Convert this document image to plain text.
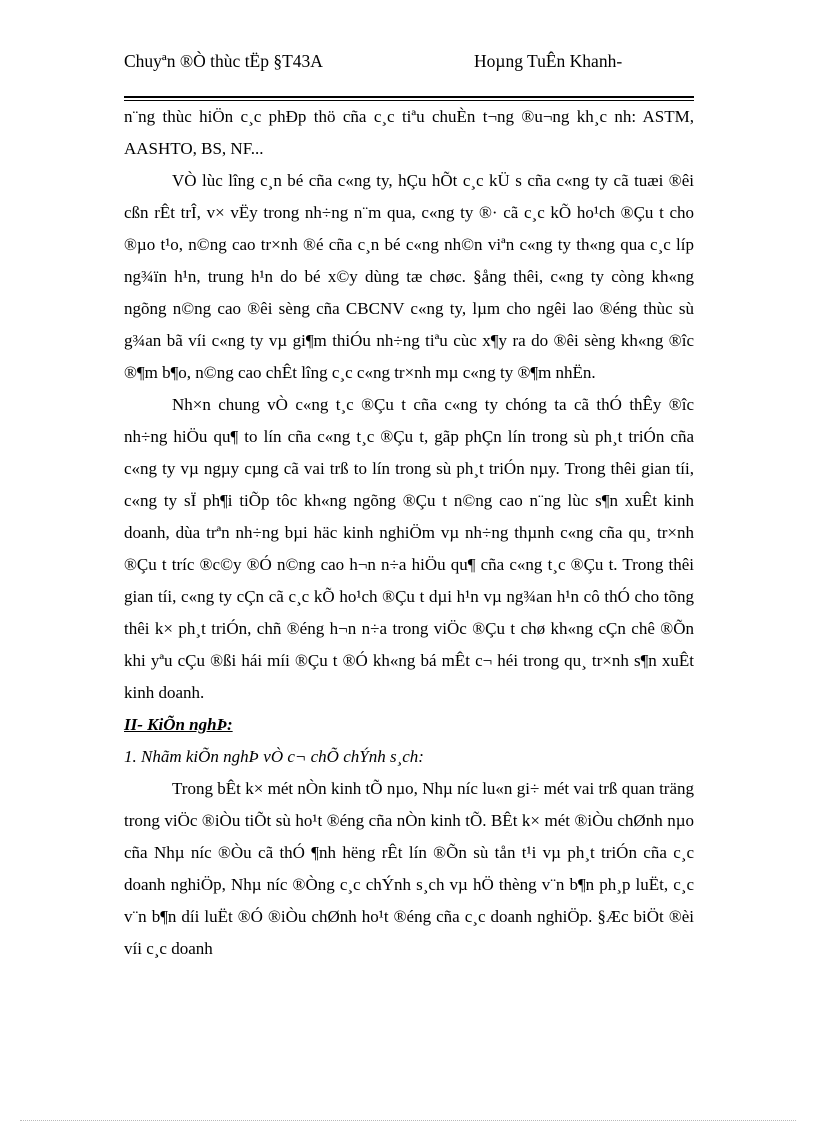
Chuyªn ®Ò thùc tËp §T43A	Hoµng TuÊn Khanh-

n¨ng thùc hiÖn c¸c phÐp thö cña c¸c tiªu chuÈn t¬ng ®u¬ng kh¸c nh: ASTM, AASHTO, BS, NF...

VÒ lùc lîng c¸n bé cña c«ng ty, hÇu hÕt c¸c kÜ s cña c«ng ty cã tuæi ®êi cßn rÊt trÎ, v× vËy trong nh÷ng n¨m qua, c«ng ty ®· cã c¸c kÕ ho¹ch ®Çu t cho ®µo t¹o, n©ng cao tr×nh ®é cña c¸n bé c«ng nh©n viªn c«ng ty th«ng qua c¸c líp ng¾ïn h¹n, trung h¹n do bé x©y dùng tæ chøc. §ång thêi, c«ng ty còng kh«ng ngõng n©ng cao ®êi sèng cña CBCNV c«ng ty, lµm cho ngêi lao ®éng thùc sù g¾an bã víi c«ng ty vµ gi¶m thiÓu nh÷ng tiªu cùc x¶y ra do ®êi sèng kh«ng ®îc ®¶m b¶o, n©ng cao chÊt lîng c¸c c«ng tr×nh mµ c«ng ty ®¶m nhËn.

Nh×n chung vÒ c«ng t¸c ®Çu t cña c«ng ty chóng ta cã thÓ thÊy ®îc nh÷ng hiÖu qu¶ to lín cña c«ng t¸c ®Çu t, gãp phÇn lín trong sù ph¸t triÓn cña c«ng ty vµ ngµy cµng cã vai trß to lín trong sù ph¸t triÓn nµy. Trong thêi gian tíi, c«ng ty sÏ ph¶i tiÕp tôc kh«ng ngõng ®Çu t n©ng cao n¨ng lùc s¶n xuÊt kinh doanh, dùa trªn nh÷ng bµi häc kinh nghiÖm vµ nh÷ng thµnh c«ng cña qu¸ tr×nh ®Çu t tríc ®c©y ®Ó n©ng cao h¬n n÷a hiÖu qu¶ cña c«ng t¸c ®Çu t. Trong thêi gian tíi, c«ng ty cÇn cã c¸c kÕ ho¹ch ®Çu t dµi h¹n vµ ng¾an h¹n cô thÓ cho tõng thêi k× ph¸t triÓn, chñ ®éng h¬n n÷a trong viÖc ®Çu t chø kh«ng cÇn chê ®Õn khi yªu cÇu ®ßi hái míi ®Çu t ®Ó kh«ng bá mÊt c¬ héi trong qu¸ tr×nh s¶n xuÊt kinh doanh.

II- KiÕn nghÞ:

1. Nhãm kiÕn nghÞ vÒ c¬ chÕ chÝnh s¸ch:

Trong bÊt k× mét nÒn kinh tÕ nµo, Nhµ níc lu«n gi÷ mét vai trß quan träng trong viÖc ®iÒu tiÕt sù ho¹t ®éng cña nÒn kinh tÕ. BÊt k× mét ®iÒu chØnh nµo cña Nhµ níc ®Òu cã thÓ ¶nh hëng rÊt lín ®Õn sù tån t¹i vµ ph¸t triÓn cña c¸c doanh nghiÖp, Nhµ níc ®Òng c¸c chÝnh s¸ch vµ hÖ thèng v¨n b¶n ph¸p luËt, c¸c v¨n b¶n díi luËt ®Ó ®iÒu chØnh ho¹t ®éng cña c¸c doanh nghiÖp. §Æc biÖt ®èi víi c¸c doanh
